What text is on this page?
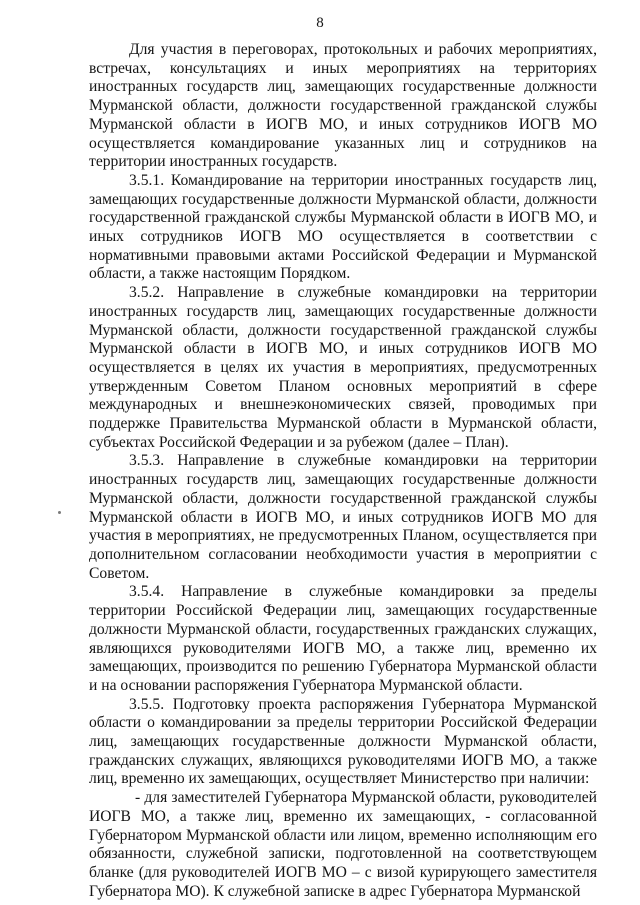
8

Для участия в переговорах, протокольных и рабочих мероприятиях, встречах, консультациях и иных мероприятиях на территориях иностранных государств лиц, замещающих государственные должности Мурманской области, должности государственной гражданской службы Мурманской области в ИОГВ МО, и иных сотрудников ИОГВ МО осуществляется командирование указанных лиц и сотрудников на территории иностранных государств.

3.5.1. Командирование на территории иностранных государств лиц, замещающих государственные должности Мурманской области, должности государственной гражданской службы Мурманской области в ИОГВ МО, и иных сотрудников ИОГВ МО осуществляется в соответствии с нормативными правовыми актами Российской Федерации и Мурманской области, а также настоящим Порядком.

3.5.2. Направление в служебные командировки на территории иностранных государств лиц, замещающих государственные должности Мурманской области, должности государственной гражданской службы Мурманской области в ИОГВ МО, и иных сотрудников ИОГВ МО осуществляется в целях их участия в мероприятиях, предусмотренных утвержденным Советом Планом основных мероприятий в сфере международных и внешнеэкономических связей, проводимых при поддержке Правительства Мурманской области в Мурманской области, субъектах Российской Федерации и за рубежом (далее – План).

3.5.3. Направление в служебные командировки на территории иностранных государств лиц, замещающих государственные должности Мурманской области, должности государственной гражданской службы Мурманской области в ИОГВ МО, и иных сотрудников ИОГВ МО для участия в мероприятиях, не предусмотренных Планом, осуществляется при дополнительном согласовании необходимости участия в мероприятии с Советом.

3.5.4. Направление в служебные командировки за пределы территории Российской Федерации лиц, замещающих государственные должности Мурманской области, государственных гражданских служащих, являющихся руководителями ИОГВ МО, а также лиц, временно их замещающих, производится по решению Губернатора Мурманской области и на основании распоряжения Губернатора Мурманской области.

3.5.5. Подготовку проекта распоряжения Губернатора Мурманской области о командировании за пределы территории Российской Федерации лиц, замещающих государственные должности Мурманской области, гражданских служащих, являющихся руководителями ИОГВ МО, а также лиц, временно их замещающих, осуществляет Министерство при наличии:

- для заместителей Губернатора Мурманской области, руководителей ИОГВ МО, а также лиц, временно их замещающих, - согласованной Губернатором Мурманской области или лицом, временно исполняющим его обязанности, служебной записки, подготовленной на соответствующем бланке (для руководителей ИОГВ МО – с визой курирующего заместителя Губернатора МО). К служебной записке в адрес Губернатора Мурманской
